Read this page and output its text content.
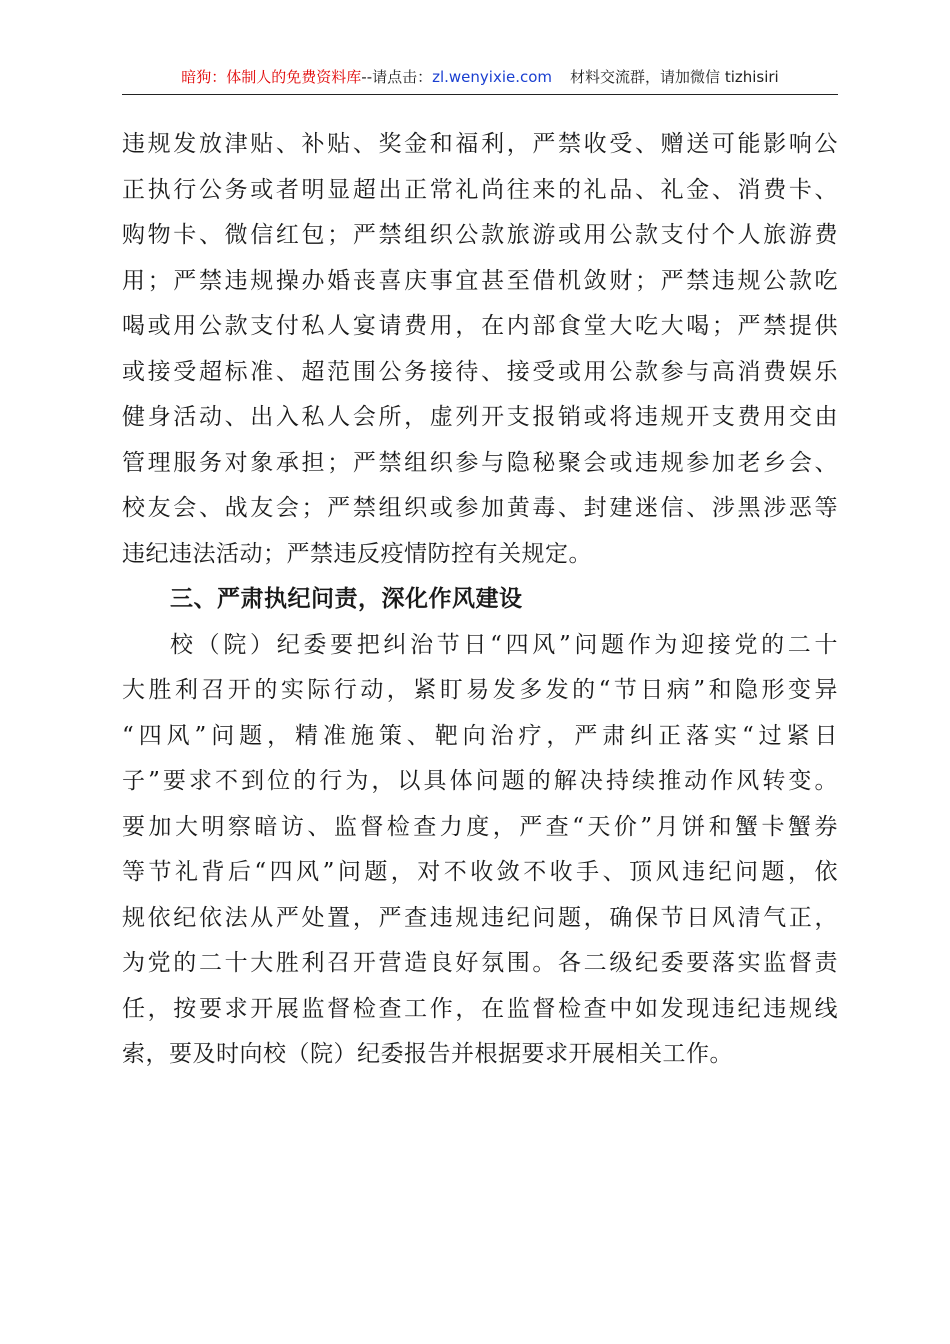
暗狗：体制人的免费资料库--请点击：zl.wenyixie.com 材料交流群，请加微信 tizhisiri
违规发放津贴、补贴、奖金和福利，严禁收受、赠送可能影响公
正执行公务或者明显超出正常礼尚往来的礼品、礼金、消费卡、
购物卡、微信红包；严禁组织公款旅游或用公款支付个人旅游费
用；严禁违规操办婚丧喜庆事宜甚至借机敛财；严禁违规公款吃
喝或用公款支付私人宴请费用，在内部食堂大吃大喝；严禁提供
或接受超标准、超范围公务接待、接受或用公款参与高消费娱乐
健身活动、出入私人会所，虚列开支报销或将违规开支费用交由
管理服务对象承担；严禁组织参与隐秘聚会或违规参加老乡会、
校友会、战友会；严禁组织或参加黄毒、封建迷信、涉黑涉恶等
违纪违法活动；严禁违反疫情防控有关规定。
三、严肃执纪问责，深化作风建设
校（院）纪委要把纠治节日“四风”问题作为迎接党的二十
大胜利召开的实际行动，紧盯易发多发的“节日病”和隐形变异
“四风”问题，精准施策、靶向治疗，严肃纠正落实“过紧日
子”要求不到位的行为，以具体问题的解决持续推动作风转变。
要加大明察暗访、监督检查力度，严查“天价”月饼和蟹卡蟹券
等节礼背后“四风”问题，对不收敛不收手、顶风违纪问题，依
规依纪依法从严处置，严查违规违纪问题，确保节日风清气正，
为党的二十大胜利召开营造良好氛围。各二级纪委要落实监督责
任，按要求开展监督检查工作，在监督检查中如发现违纪违规线
索，要及时向校（院）纪委报告并根据要求开展相关工作。
